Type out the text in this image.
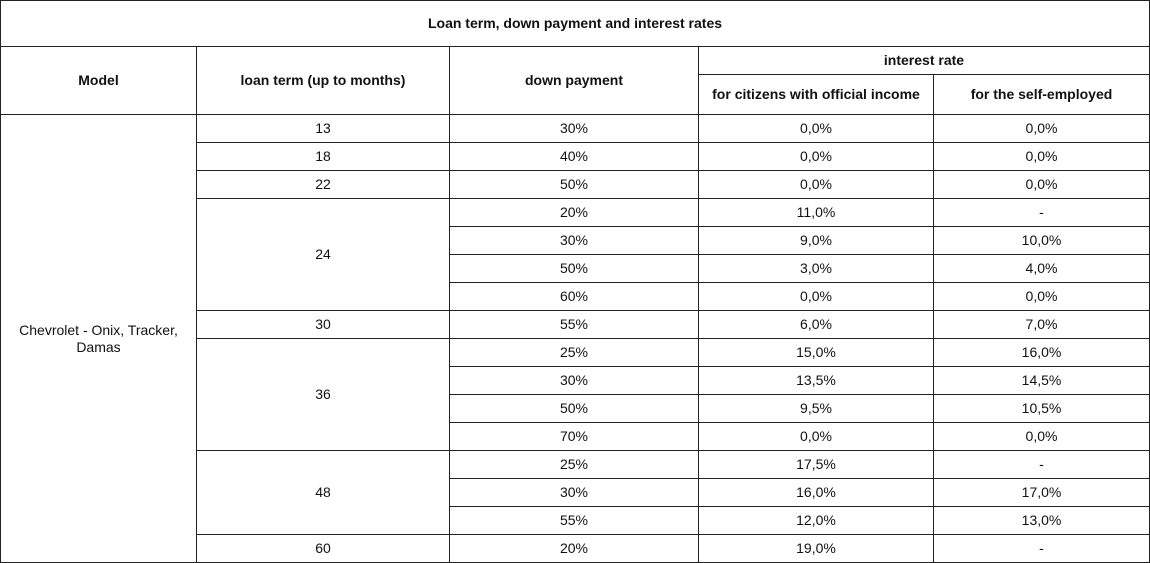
Loan term, down payment and interest rates				
Model	loan term (up to months)	down payment	interest rate	
			for citizens with official income	for the self-employed
Chevrolet - Onix, Tracker, Damas	13	30%	0,0%	0,0%
	18	40%	0,0%	0,0%
	22	50%	0,0%	0,0%
	24	20%	11,0%	-
		30%	9,0%	10,0%
		50%	3,0%	4,0%
		60%	0,0%	0,0%
	30	55%	6,0%	7,0%
	36	25%	15,0%	16,0%
		30%	13,5%	14,5%
		50%	9,5%	10,5%
		70%	0,0%	0,0%
	48	25%	17,5%	-
		30%	16,0%	17,0%
		55%	12,0%	13,0%
	60	20%	19,0%	-
